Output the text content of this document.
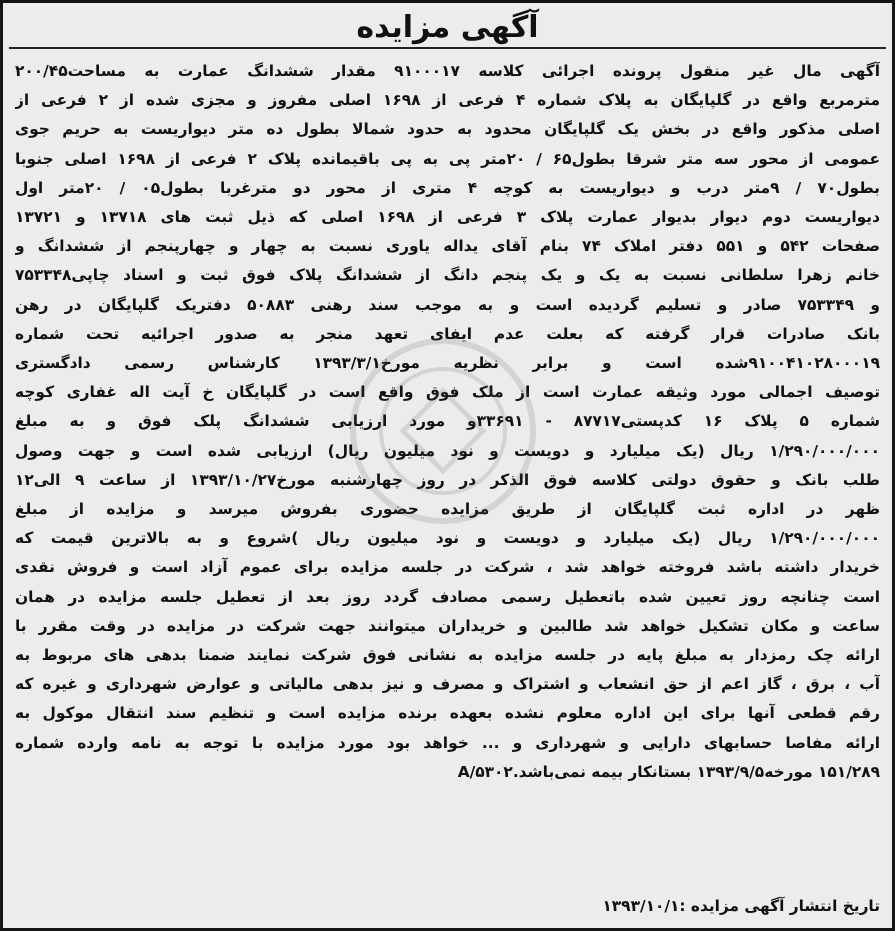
آگهی مزایده
آگهی مال غیر منقول پرونده اجرائی کلاسه ۹۱۰۰۰۱۷ مقدار ششدانگ عمارت به مساحت۲۰۰/۴۵
مترمربع واقع در گلپایگان به پلاک شماره ۴ فرعی از ۱۶۹۸ اصلی مفروز و مجزی شده از ۲ فرعی از
اصلی مذکور واقع در بخش یک گلپایگان محدود به حدود شمالا بطول ده متر دیواریست به حریم جوی
عمومی از محور سه متر شرقا بطول۶۵ / ۲۰متر پی به پی باقیمانده پلاک ۲ فرعی از ۱۶۹۸ اصلی جنوبا
بطول۷۰ / ۹متر درب و دیواریست به کوچه ۴ متری از محور دو مترغربا بطول۰۵ / ۲۰متر اول
دیواریست دوم دیوار بدیوار عمارت پلاک ۳ فرعی از ۱۶۹۸ اصلی که ذیل ثبت های ۱۳۷۱۸ و ۱۳۷۲۱
صفحات ۵۴۲ و ۵۵۱ دفتر املاک ۷۴ بنام آقای یداله یاوری نسبت به چهار و چهارپنجم از ششدانگ و
خانم زهرا سلطانی نسبت به یک و یک پنجم دانگ از ششدانگ پلاک فوق ثبت و اسناد چاپی۷۵۳۳۴۸
و ۷۵۳۳۴۹ صادر و تسلیم گردیده است و به موجب سند رهنی ۵۰۸۸۳ دفتریک گلپایگان در رهن
بانک صادرات قرار گرفته که بعلت عدم ایفای تعهد منجر به صدور اجرائیه تحت شماره
۹۱۰۰۴۱۰۲۸۰۰۰۱۹شده است و برابر نظریه مورخ۱۳۹۳/۳/۱ کارشناس رسمی دادگستری
توصیف اجمالی مورد وثیقه عمارت است از ملک فوق واقع است در گلپایگان خ آیت اله غفاری کوچه
شماره ۵ پلاک ۱۶ کدپستی۸۷۷۱۷ - ۳۳۶۹۱و مورد ارزیابی ششدانگ پلک فوق و به مبلغ
۱/۲۹۰/۰۰۰/۰۰۰ ریال (یک میلیارد و دویست و نود میلیون ریال) ارزیابی شده است و جهت وصول
طلب بانک و حقوق دولتی کلاسه فوق الذکر در روز چهارشنبه مورخ۱۳۹۳/۱۰/۲۷ از ساعت ۹ الی۱۲
ظهر در اداره ثبت گلپایگان از طریق مزایده حضوری بفروش میرسد و مزایده از مبلغ
۱/۲۹۰/۰۰۰/۰۰۰ ریال (یک میلیارد و دویست و نود میلیون ریال )شروع و به بالاترین قیمت که
خریدار داشته باشد فروخته خواهد شد ، شرکت در جلسه مزایده برای عموم آزاد است و فروش نقدی
است چنانچه روز تعیین شده باتعطیل رسمی مصادف گردد روز بعد از تعطیل جلسه مزایده در همان
ساعت و مکان تشکیل خواهد شد طالبین و خریداران میتوانند جهت شرکت در مزایده در وقت مقرر با
ارائه چک رمزدار به مبلغ پایه در جلسه مزایده به نشانی فوق شرکت نمایند ضمنا بدهی های مربوط به
آب ، برق ، گاز اعم از حق انشعاب و اشتراک و مصرف و نیز بدهی مالیاتی و عوارض شهرداری و غیره که
رقم قطعی آنها برای این اداره معلوم نشده بعهده برنده مزایده است و تنظیم سند انتقال موکول به
ارائه مفاصا حسابهای دارایی و شهرداری و ... خواهد بود مورد مزایده با توجه به نامه وارده شماره
۱۵۱/۲۸۹ مورخه۱۳۹۳/۹/۵ بستانکار بیمه نمی‌باشد.۵۳۰۲/A
تاریخ انتشار آگهی مزایده :۱۳۹۳/۱۰/۱
